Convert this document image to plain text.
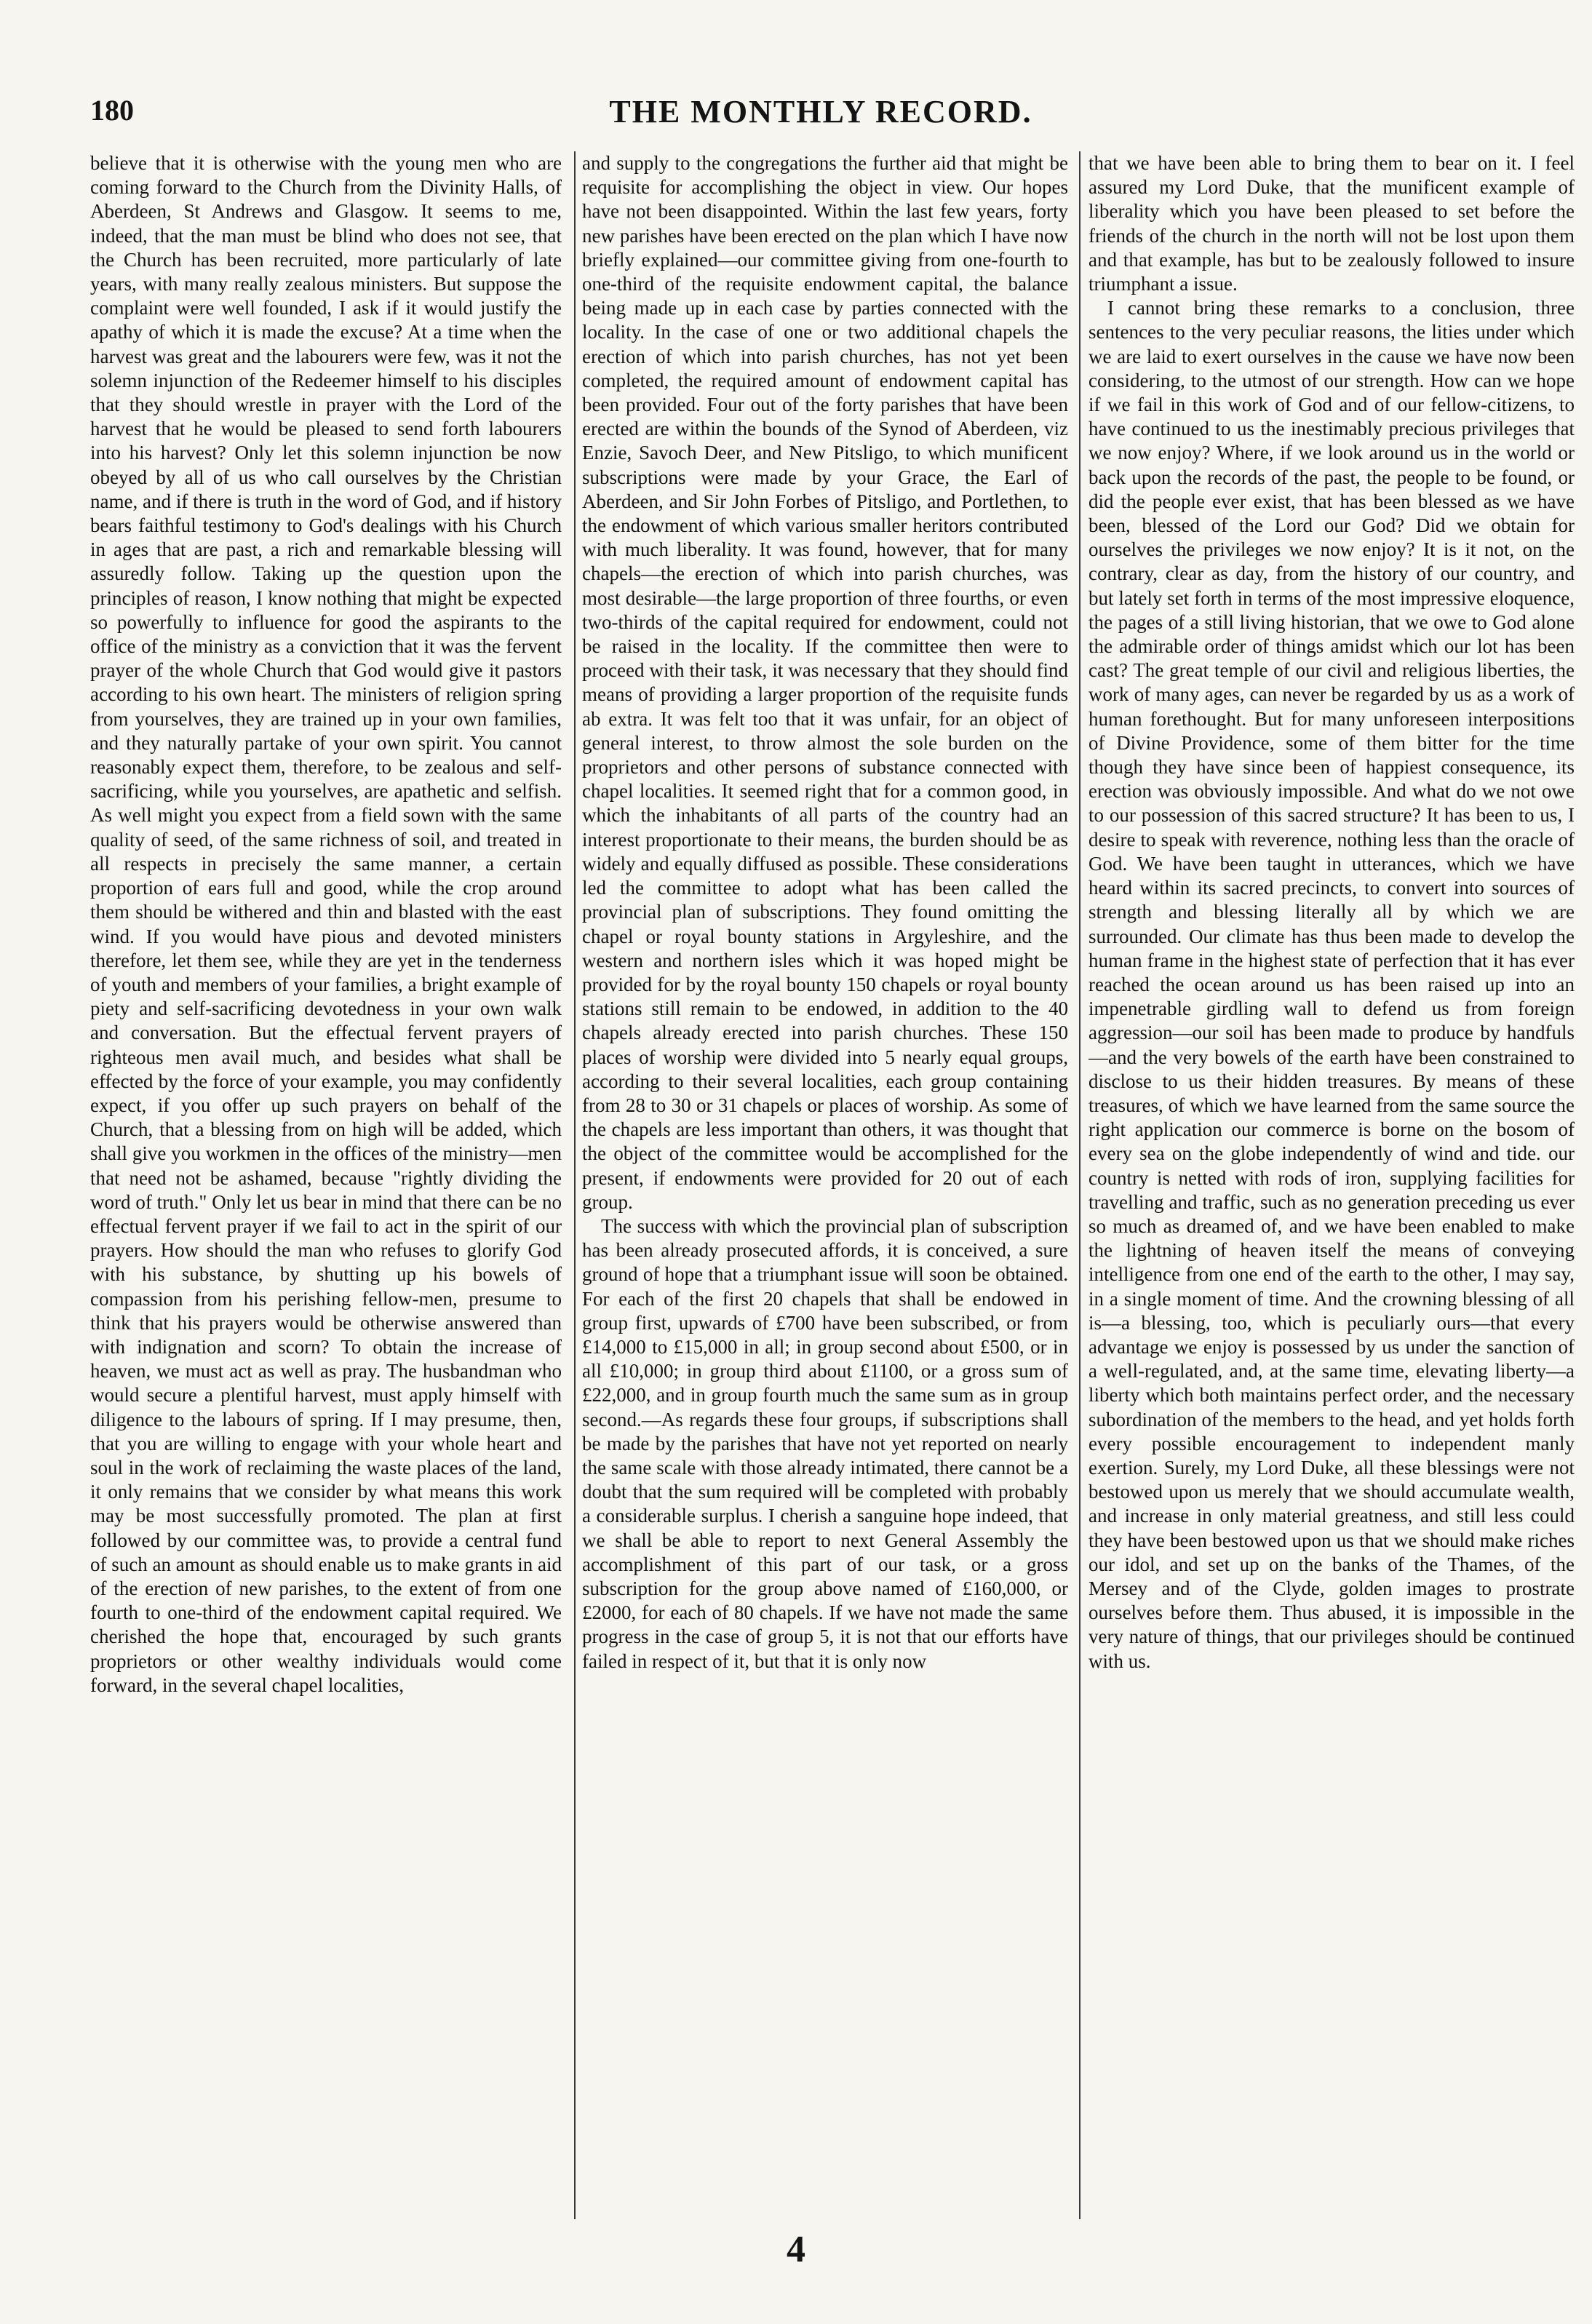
180	THE MONTHLY RECORD.

believe that it is otherwise with the young men who are coming forward to the Church from the Divinity Halls, of Aberdeen, St Andrews and Glasgow. It seems to me, indeed, that the man must be blind who does not see, that the Church has been recruited, more particularly of late years, with many really zealous ministers. But suppose the complaint were well founded, I ask if it would justify the apathy of which it is made the excuse? At a time when the harvest was great and the labourers were few, was it not the solemn injunction of the Redeemer himself to his disciples that they should wrestle in prayer with the Lord of the harvest that he would be pleased to send forth labourers into his harvest? Only let this solemn injunction be now obeyed by all of us who call ourselves by the Christian name, and if there is truth in the word of God, and if history bears faithful testimony to God's dealings with his Church in ages that are past, a rich and remarkable blessing will assuredly follow. Taking up the question upon the principles of reason, I know nothing that might be expected so powerfully to influence for good the aspirants to the office of the ministry as a conviction that it was the fervent prayer of the whole Church that God would give it pastors according to his own heart. The ministers of religion spring from yourselves, they are trained up in your own families, and they naturally partake of your own spirit. You cannot reasonably expect them, therefore, to be zealous and self-sacrificing, while you yourselves, are apathetic and selfish. As well might you expect from a field sown with the same quality of seed, of the same richness of soil, and treated in all respects in precisely the same manner, a certain proportion of ears full and good, while the crop around them should be withered and thin and blasted with the east wind. If you would have pious and devoted ministers therefore, let them see, while they are yet in the tenderness of youth and members of your families, a bright example of piety and self-sacrificing devotedness in your own walk and conversation. But the effectual fervent prayers of righteous men avail much, and besides what shall be effected by the force of your example, you may confidently expect, if you offer up such prayers on behalf of the Church, that a blessing from on high will be added, which shall give you workmen in the offices of the ministry—men that need not be ashamed, because "rightly dividing the word of truth." Only let us bear in mind that there can be no effectual fervent prayer if we fail to act in the spirit of our prayers. How should the man who refuses to glorify God with his substance, by shutting up his bowels of compassion from his perishing fellow-men, presume to think that his prayers would be otherwise answered than with indignation and scorn? To obtain the increase of heaven, we must act as well as pray. The husbandman who would secure a plentiful harvest, must apply himself with diligence to the labours of spring. If I may presume, then, that you are willing to engage with your whole heart and soul in the work of reclaiming the waste places of the land, it only remains that we consider by what means this work may be most successfully promoted. The plan at first followed by our committee was, to provide a central fund of such an amount as should enable us to make grants in aid of the erection of new parishes, to the extent of from one fourth to one-third of the endowment capital required. We cherished the hope that, encouraged by such grants proprietors or other wealthy individuals would come forward, in the several chapel localities,

and supply to the congregations the further aid that might be requisite for accomplishing the object in view. Our hopes have not been disappointed. Within the last few years, forty new parishes have been erected on the plan which I have now briefly explained—our committee giving from one-fourth to one-third of the requisite endowment capital, the balance being made up in each case by parties connected with the locality. In the case of one or two additional chapels the erection of which into parish churches, has not yet been completed, the required amount of endowment capital has been provided. Four out of the forty parishes that have been erected are within the bounds of the Synod of Aberdeen, viz Enzie, Savoch Deer, and New Pitsligo, to which munificent subscriptions were made by your Grace, the Earl of Aberdeen, and Sir John Forbes of Pitsligo, and Portlethen, to the endowment of which various smaller heritors contributed with much liberality. It was found, however, that for many chapels—the erection of which into parish churches, was most desirable—the large proportion of three fourths, or even two-thirds of the capital required for endowment, could not be raised in the locality. If the committee then were to proceed with their task, it was necessary that they should find means of providing a larger proportion of the requisite funds ab extra. It was felt too that it was unfair, for an object of general interest, to throw almost the sole burden on the proprietors and other persons of substance connected with chapel localities. It seemed right that for a common good, in which the inhabitants of all parts of the country had an interest proportionate to their means, the burden should be as widely and equally diffused as possible. These considerations led the committee to adopt what has been called the provincial plan of subscriptions. They found omitting the chapel or royal bounty stations in Argyleshire, and the western and northern isles which it was hoped might be provided for by the royal bounty 150 chapels or royal bounty stations still remain to be endowed, in addition to the 40 chapels already erected into parish churches. These 150 places of worship were divided into 5 nearly equal groups, according to their several localities, each group containing from 28 to 30 or 31 chapels or places of worship. As some of the chapels are less important than others, it was thought that the object of the committee would be accomplished for the present, if endowments were provided for 20 out of each group.

The success with which the provincial plan of subscription has been already prosecuted affords, it is conceived, a sure ground of hope that a triumphant issue will soon be obtained. For each of the first 20 chapels that shall be endowed in group first, upwards of £700 have been subscribed, or from £14,000 to £15,000 in all; in group second about £500, or in all £10,000; in group third about £1100, or a gross sum of £22,000, and in group fourth much the same sum as in group second.—As regards these four groups, if subscriptions shall be made by the parishes that have not yet reported on nearly the same scale with those already intimated, there cannot be a doubt that the sum required will be completed with probably a considerable surplus. I cherish a sanguine hope indeed, that we shall be able to report to next General Assembly the accomplishment of this part of our task, or a gross subscription for the group above named of £160,000, or £2000, for each of 80 chapels. If we have not made the same progress in the case of group 5, it is not that our efforts have failed in respect of it, but that it is only now

that we have been able to bring them to bear on it. I feel assured my Lord Duke, that the munificent example of liberality which you have been pleased to set before the friends of the church in the north will not be lost upon them and that example, has but to be zealously followed to insure triumphant a issue.

I cannot bring these remarks to a conclusion, three sentences to the very peculiar reasons, the lities under which we are laid to exert ourselves in the cause we have now been considering, to the utmost of our strength. How can we hope if we fail in this work of God and of our fellow-citizens, to have continued to us the inestimably precious privileges that we now enjoy? Where, if we look around us in the world or back upon the records of the past, the people to be found, or did the people ever exist, that has been blessed as we have been, blessed of the Lord our God? Did we obtain for ourselves the privileges we now enjoy? It is it not, on the contrary, clear as day, from the history of our country, and but lately set forth in terms of the most impressive eloquence, the pages of a still living historian, that we owe to God alone the admirable order of things amidst which our lot has been cast? The great temple of our civil and religious liberties, the work of many ages, can never be regarded by us as a work of human forethought. But for many unforeseen interpositions of Divine Providence, some of them bitter for the time though they have since been of happiest consequence, its erection was obviously impossible. And what do we not owe to our possession of this sacred structure? It has been to us, I desire to speak with reverence, nothing less than the oracle of God. We have been taught in utterances, which we have heard within its sacred precincts, to convert into sources of strength and blessing literally all by which we are surrounded. Our climate has thus been made to develop the human frame in the highest state of perfection that it has ever reached the ocean around us has been raised up into an impenetrable girdling wall to defend us from foreign aggression—our soil has been made to produce by handfuls—and the very bowels of the earth have been constrained to disclose to us their hidden treasures. By means of these treasures, of which we have learned from the same source the right application our commerce is borne on the bosom of every sea on the globe independently of wind and tide. our country is netted with rods of iron, supplying facilities for travelling and traffic, such as no generation preceding us ever so much as dreamed of, and we have been enabled to make the lightning of heaven itself the means of conveying intelligence from one end of the earth to the other, I may say, in a single moment of time. And the crowning blessing of all is—a blessing, too, which is peculiarly ours—that every advantage we enjoy is possessed by us under the sanction of a well-regulated, and, at the same time, elevating liberty—a liberty which both maintains perfect order, and the necessary subordination of the members to the head, and yet holds forth every possible encouragement to independent manly exertion. Surely, my Lord Duke, all these blessings were not bestowed upon us merely that we should accumulate wealth, and increase in only material greatness, and still less could they have been bestowed upon us that we should make riches our idol, and set up on the banks of the Thames, of the Mersey and of the Clyde, golden images to prostrate ourselves before them. Thus abused, it is impossible in the very nature of things, that our privileges should be continued with us.

4
